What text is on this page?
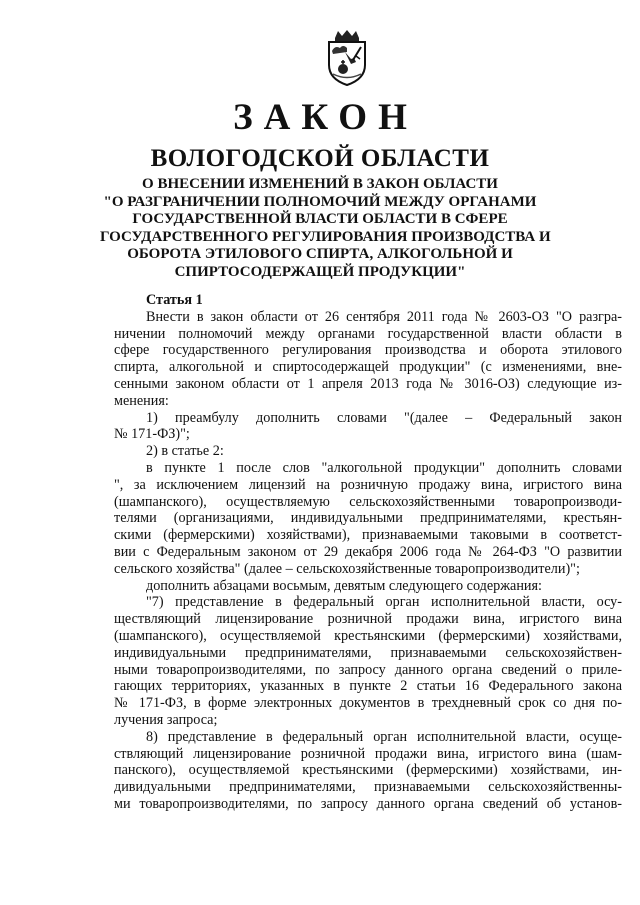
ЗАКОН
ВОЛОГОДСКОЙ ОБЛАСТИ
О ВНЕСЕНИИ ИЗМЕНЕНИЙ В ЗАКОН ОБЛАСТИ
"О РАЗГРАНИЧЕНИИ ПОЛНОМОЧИЙ МЕЖДУ ОРГАНАМИ
ГОСУДАРСТВЕННОЙ ВЛАСТИ ОБЛАСТИ В СФЕРЕ
ГОСУДАРСТВЕННОГО РЕГУЛИРОВАНИЯ ПРОИЗВОДСТВА И
ОБОРОТА ЭТИЛОВОГО СПИРТА, АЛКОГОЛЬНОЙ И
СПИРТОСОДЕРЖАЩЕЙ ПРОДУКЦИИ"
Статья 1
Внести в закон области от 26 сентября 2011 года № 2603-ОЗ "О разгра-
ничении полномочий между органами государственной власти области в
сфере государственного регулирования производства и оборота этилового
спирта, алкогольной и спиртосодержащей продукции" (с изменениями, вне-
сенными законом области от 1 апреля 2013 года № 3016-ОЗ) следующие из-
менения:
1) преамбулу дополнить словами "(далее – Федеральный закон
№ 171-ФЗ)";
2) в статье 2:
в пункте 1 после слов "алкогольной продукции" дополнить словами
", за исключением лицензий на розничную продажу вина, игристого вина
(шампанского), осуществляемую сельскохозяйственными товаропроизводи-
телями (организациями, индивидуальными предпринимателями, крестьян-
скими (фермерскими) хозяйствами), признаваемыми таковыми в соответст-
вии с Федеральным законом от 29 декабря 2006 года № 264-ФЗ "О развитии
сельского хозяйства" (далее – сельскохозяйственные товаропроизводители)";
дополнить абзацами восьмым, девятым следующего содержания:
"7) представление в федеральный орган исполнительной власти, осу-
ществляющий лицензирование розничной продажи вина, игристого вина
(шампанского), осуществляемой крестьянскими (фермерскими) хозяйствами,
индивидуальными предпринимателями, признаваемыми сельскохозяйствен-
ными товаропроизводителями, по запросу данного органа сведений о приле-
гающих территориях, указанных в пункте 2 статьи 16 Федерального закона
№ 171-ФЗ, в форме электронных документов в трехдневный срок со дня по-
лучения запроса;
8) представление в федеральный орган исполнительной власти, осуще-
ствляющий лицензирование розничной продажи вина, игристого вина (шам-
панского), осуществляемой крестьянскими (фермерскими) хозяйствами, ин-
дивидуальными предпринимателями, признаваемыми сельскохозяйственны-
ми товаропроизводителями, по запросу данного органа сведений об установ-
